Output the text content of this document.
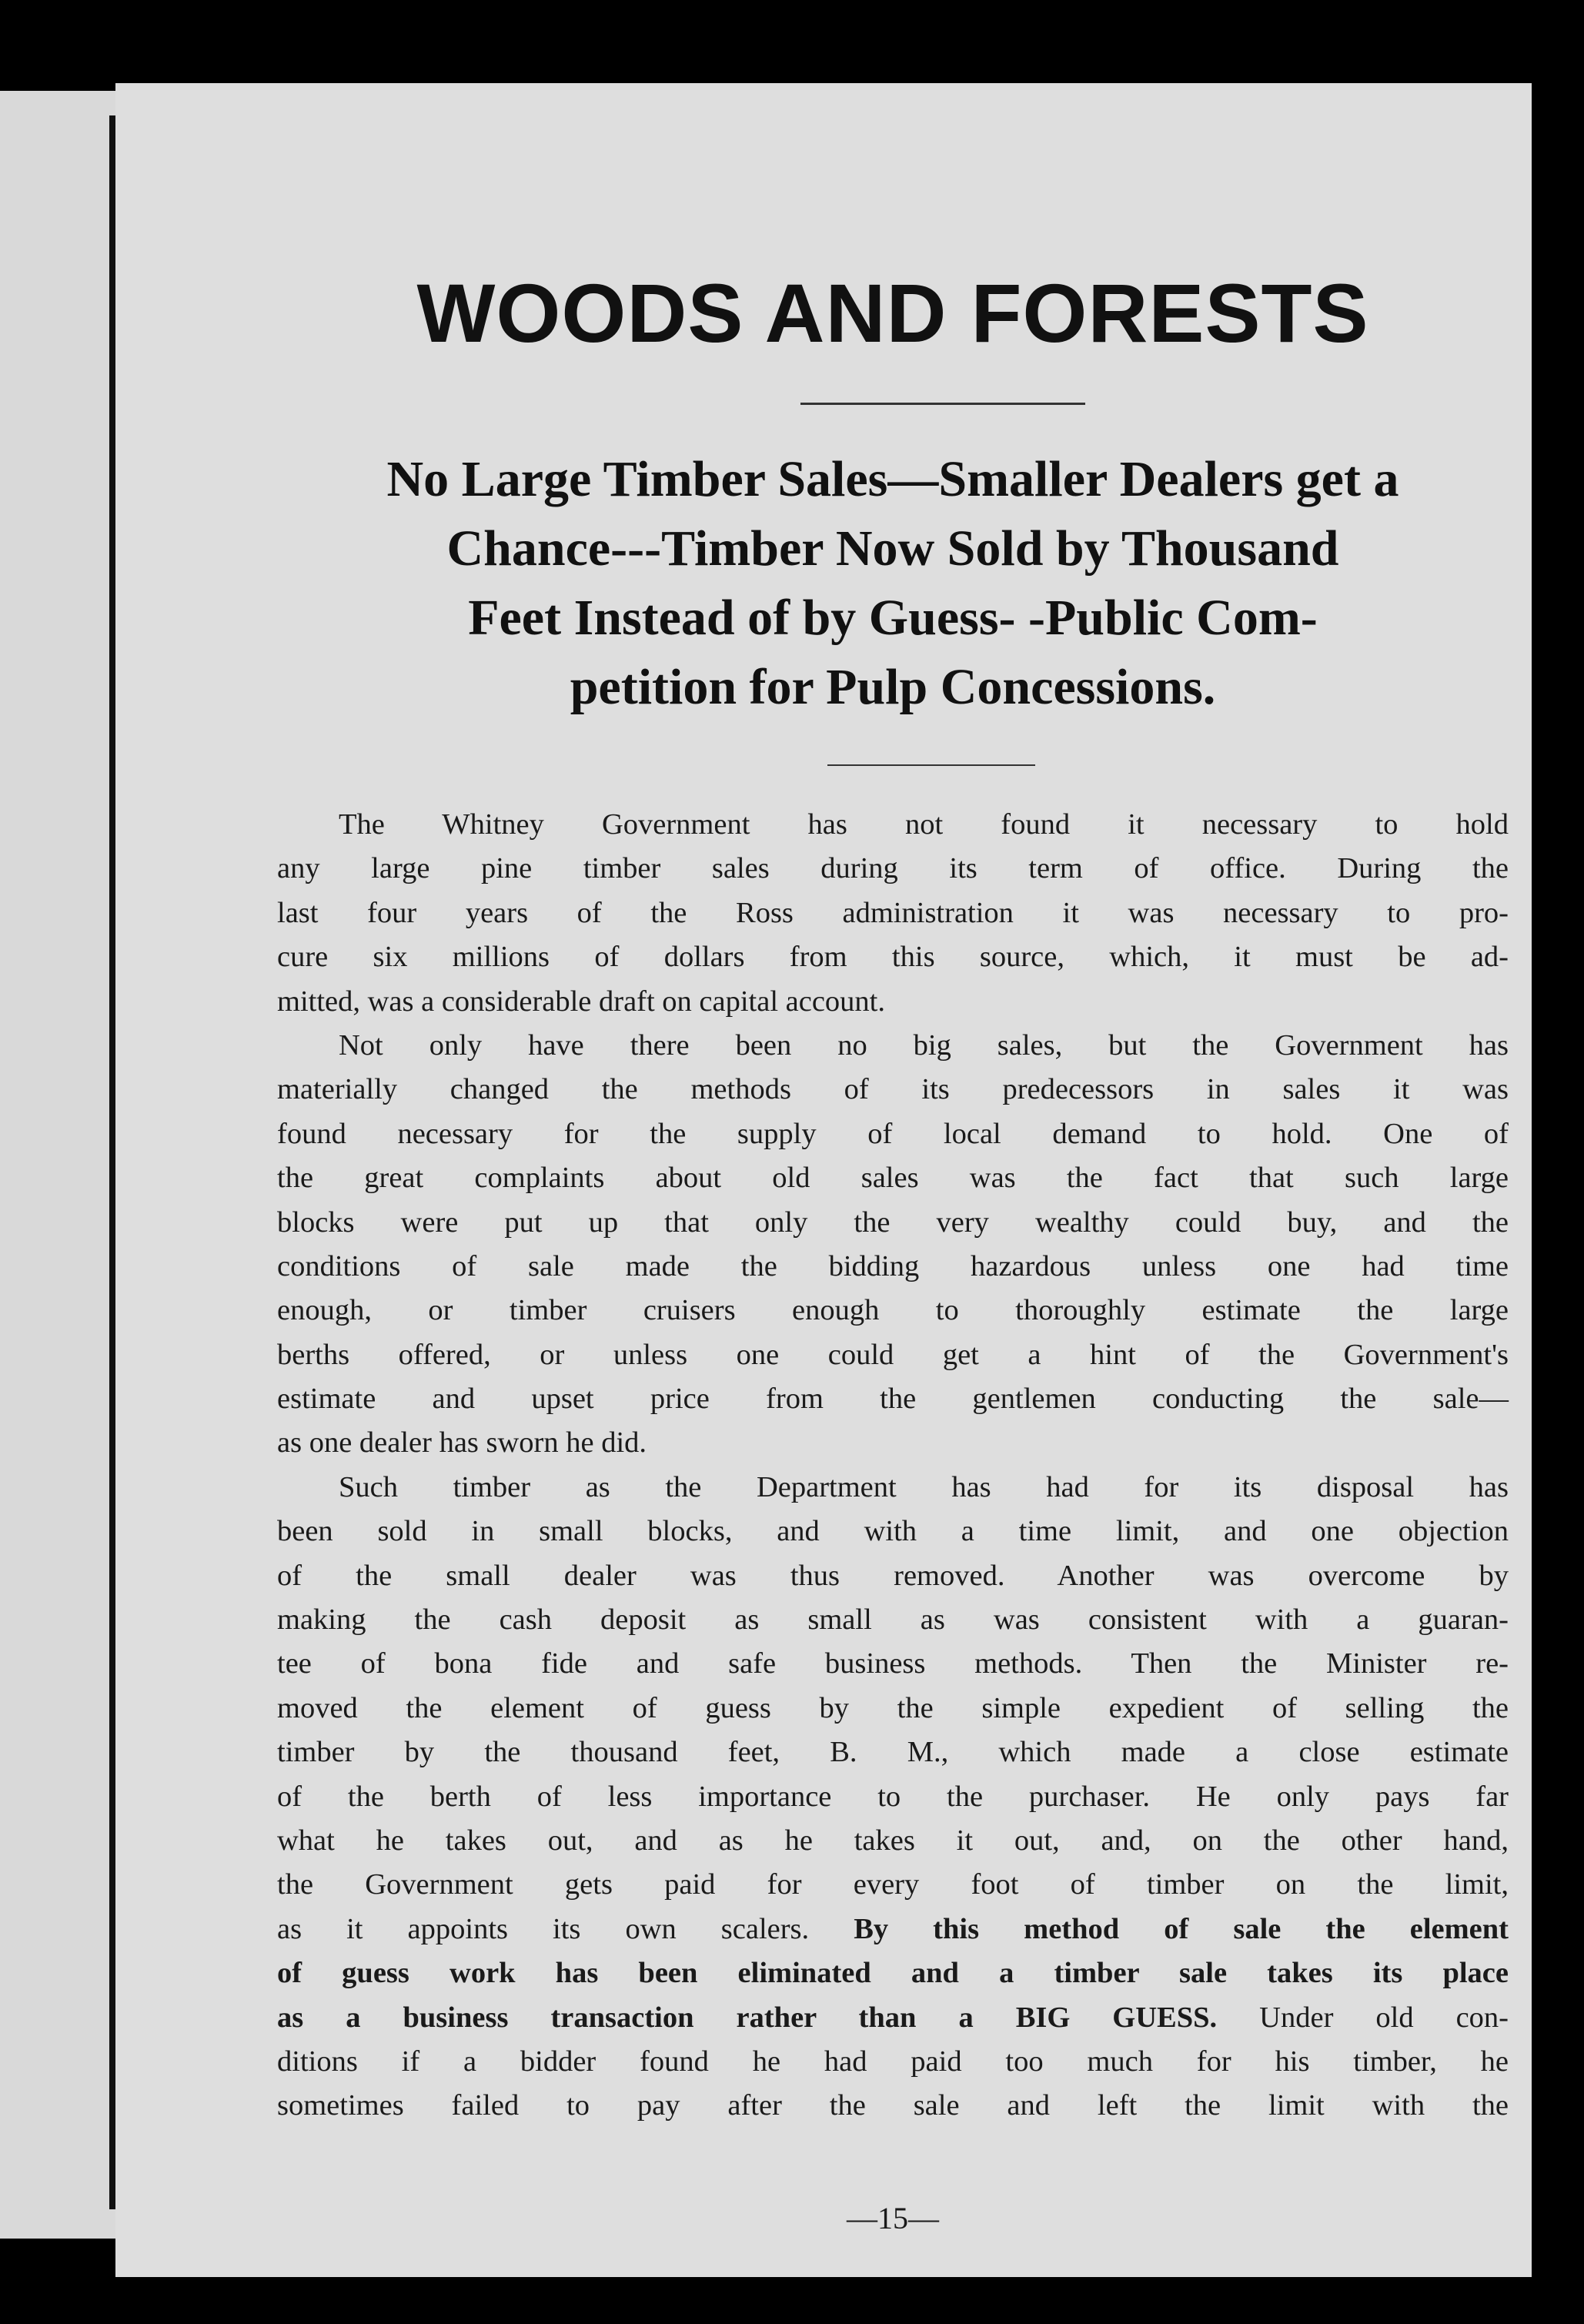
WOODS AND FORESTS
No Large Timber Sales—Smaller Dealers get a
Chance---Timber Now Sold by Thousand
Feet Instead of by Guess- -Public Com-
petition for Pulp Concessions.
The Whitney Government has not found it necessary to hold
any large pine timber sales during its term of office. During the
last four years of the Ross administration it was necessary to pro-
cure six millions of dollars from this source, which, it must be ad-
mitted, was a considerable draft on capital account.
Not only have there been no big sales, but the Government has
materially changed the methods of its predecessors in sales it was
found necessary for the supply of local demand to hold. One of
the great complaints about old sales was the fact that such large
blocks were put up that only the very wealthy could buy, and the
conditions of sale made the bidding hazardous unless one had time
enough, or timber cruisers enough to thoroughly estimate the large
berths offered, or unless one could get a hint of the Government's
estimate and upset price from the gentlemen conducting the sale—
as one dealer has sworn he did.
Such timber as the Department has had for its disposal has
been sold in small blocks, and with a time limit, and one objection
of the small dealer was thus removed. Another was overcome by
making the cash deposit as small as was consistent with a guaran-
tee of bona fide and safe business methods. Then the Minister re-
moved the element of guess by the simple expedient of selling the
timber by the thousand feet, B. M., which made a close estimate
of the berth of less importance to the purchaser. He only pays far
what he takes out, and as he takes it out, and, on the other hand,
the Government gets paid for every foot of timber on the limit,
as it appoints its own scalers. By this method of sale the element
of guess work has been eliminated and a timber sale takes its place
as a business transaction rather than a BIG GUESS. Under old con-
ditions if a bidder found he had paid too much for his timber, he
sometimes failed to pay after the sale and left the limit with the
—15—
